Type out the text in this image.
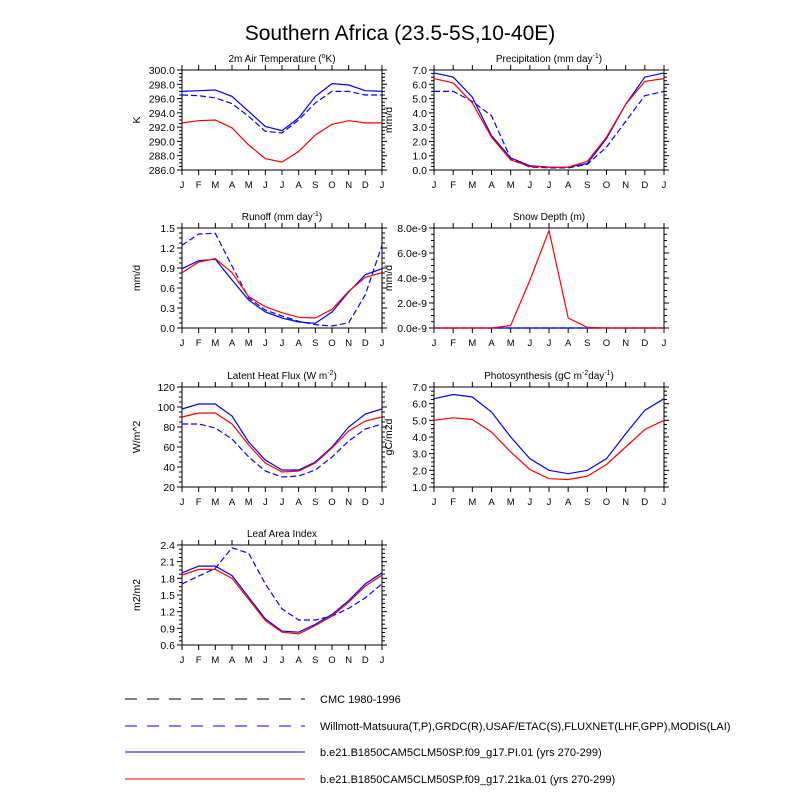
Southern Africa (23.5-5S,10-40E)
2m Air Temperature ($^o$K)
286.0
288.0
290.0
292.0
294.0
296.0
298.0
300.0
J F M A M J J A S O N D J
K
Precipitation (mm day$^{-1}$)
0.0
1.0
2.0
3.0
4.0
5.0
6.0
7.0
J F M A M J J A S O N D J
mm/d
Runoff (mm day$^{-1}$)
0.0
0.3
0.6
0.9
1.2
1.5
J F M A M J J A S O N D J
mm/d
Snow Depth (m)
0.0e-9
2.0e-9
4.0e-9
6.0e-9
8.0e-9
J F M A M J J A S O N D J
mm/d
Latent Heat Flux (W $m^{-2}$)
20
40
60
80
100
120
J F M A M J J A S O N D J
W/m^2
Photosynthesis (gC $m^{-2}day^{-1}$)
1.0
2.0
3.0
4.0
5.0
6.0
7.0
J F M A M J J A S O N D J
gC/m2d
Leaf Area Index
0.6
0.9
1.2
1.5
1.8
2.1
2.4
J F M A M J J A S O N D J
m2/m2
CMC 1980-1996
Willmott-Matsuura(T,P),GRDC(R),USAF/ETAC(S),FLUXNET(LHF,GPP),MODIS(LAI)
b.e21.B1850CAM5CLM50SP.f09_g17.PI.01 (yrs 270-299)
b.e21.B1850CAM5CLM50SP.f09_g17.21ka.01 (yrs 270-299)
